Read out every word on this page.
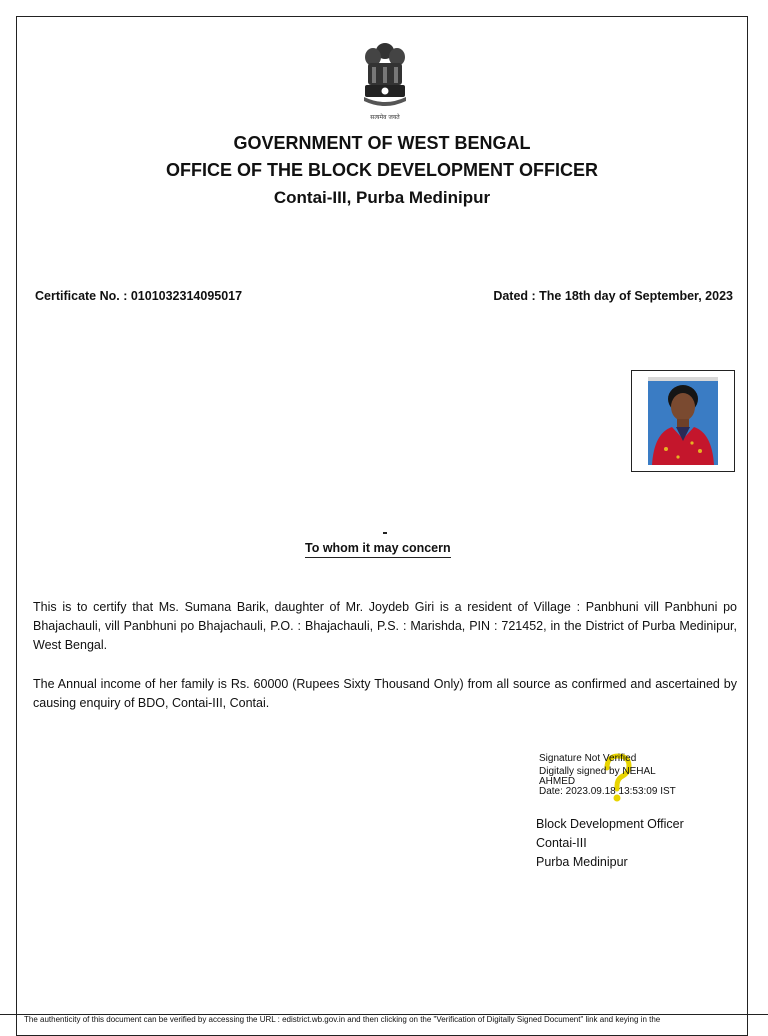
सत्यमेव जयते
GOVERNMENT OF WEST BENGAL
OFFICE OF THE BLOCK DEVELOPMENT OFFICER
Contai-III, Purba Medinipur
Certificate No. : 0101032314095017	Dated : The 18th day of September, 2023
To whom it may concern

This is to certify that Ms. Sumana Barik, daughter of Mr. Joydeb Giri is a resident of Village : Panbhuni vill Panbhuni po Bhajachauli, vill Panbhuni po Bhajachauli, P.O. : Bhajachauli, P.S. : Marishda, PIN : 721452, in the District of Purba Medinipur, West Bengal.

The Annual income of her family is Rs. 60000 (Rupees Sixty Thousand Only) from all source as confirmed and ascertained by causing enquiry of BDO, Contai-III, Contai.

Signature Not Verified
Digitally signed by NEHAL
AHMED
Date: 2023.09.18 13:53:09 IST
Block Development Officer
Contai-III
Purba Medinipur
The authenticity of this document can be verified by accessing the URL : edistrict.wb.gov.in and then clicking on the "Verification of Digitally Signed Document" link and keying in the
